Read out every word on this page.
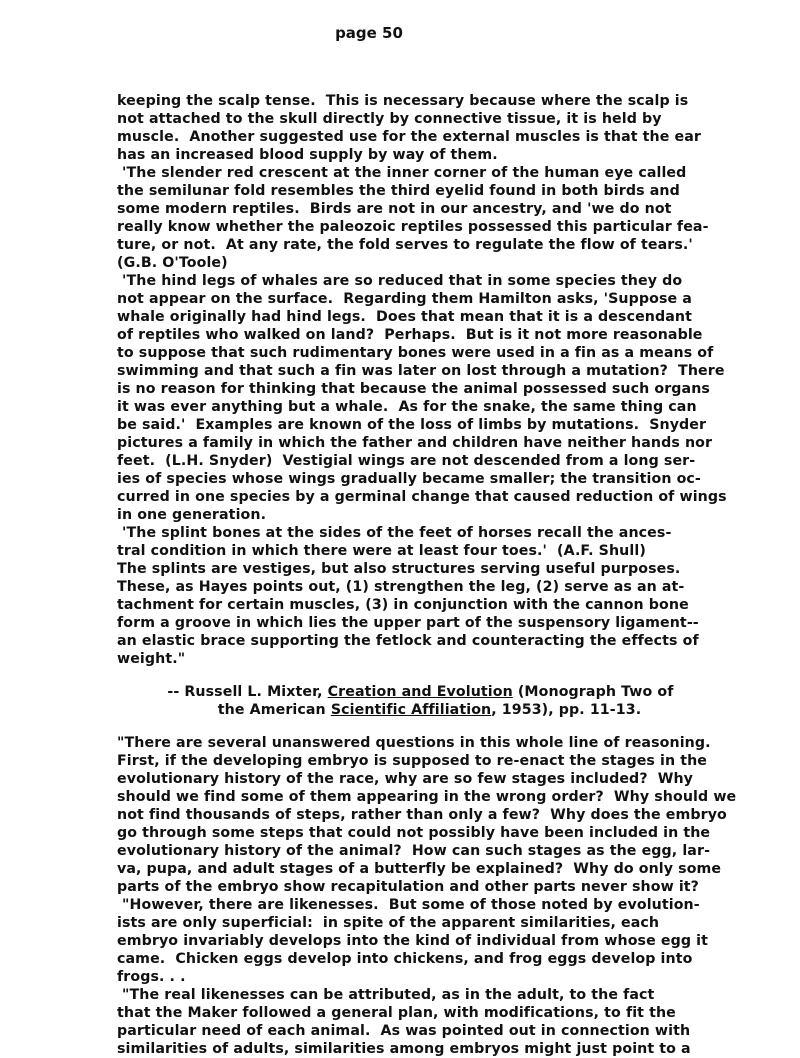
page 50
keeping the scalp tense.  This is necessary because where the scalp is
not attached to the skull directly by connective tissue, it is held by
muscle.  Another suggested use for the external muscles is that the ear
has an increased blood supply by way of them.
'The slender red crescent at the inner corner of the human eye called
the semilunar fold resembles the third eyelid found in both birds and
some modern reptiles.  Birds are not in our ancestry, and 'we do not
really know whether the paleozoic reptiles possessed this particular fea-
ture, or not.  At any rate, the fold serves to regulate the flow of tears.'
(G.B. O'Toole)
'The hind legs of whales are so reduced that in some species they do
not appear on the surface.  Regarding them Hamilton asks, 'Suppose a
whale originally had hind legs.  Does that mean that it is a descendant
of reptiles who walked on land?  Perhaps.  But is it not more reasonable
to suppose that such rudimentary bones were used in a fin as a means of
swimming and that such a fin was later on lost through a mutation?  There
is no reason for thinking that because the animal possessed such organs
it was ever anything but a whale.  As for the snake, the same thing can
be said.'  Examples are known of the loss of limbs by mutations.  Snyder
pictures a family in which the father and children have neither hands nor
feet.  (L.H. Snyder)  Vestigial wings are not descended from a long ser-
ies of species whose wings gradually became smaller; the transition oc-
curred in one species by a germinal change that caused reduction of wings
in one generation.
'The splint bones at the sides of the feet of horses recall the ances-
tral condition in which there were at least four toes.'  (A.F. Shull)
The splints are vestiges, but also structures serving useful purposes.
These, as Hayes points out, (1) strengthen the leg, (2) serve as an at-
tachment for certain muscles, (3) in conjunction with the cannon bone
form a groove in which lies the upper part of the suspensory ligament--
an elastic brace supporting the fetlock and counteracting the effects of
weight."
-- Russell L. Mixter, Creation and Evolution (Monograph Two of
the American Scientific Affiliation, 1953), pp. 11-13.
"There are several unanswered questions in this whole line of reasoning.
First, if the developing embryo is supposed to re-enact the stages in the
evolutionary history of the race, why are so few stages included?  Why
should we find some of them appearing in the wrong order?  Why should we
not find thousands of steps, rather than only a few?  Why does the embryo
go through some steps that could not possibly have been included in the
evolutionary history of the animal?  How can such stages as the egg, lar-
va, pupa, and adult stages of a butterfly be explained?  Why do only some
parts of the embryo show recapitulation and other parts never show it?
"However, there are likenesses.  But some of those noted by evolution-
ists are only superficial:  in spite of the apparent similarities, each
embryo invariably develops into the kind of individual from whose egg it
came.  Chicken eggs develop into chickens, and frog eggs develop into
frogs. . .
"The real likenesses can be attributed, as in the adult, to the fact
that the Maker followed a general plan, with modifications, to fit the
particular need of each animal.  As was pointed out in connection with
similarities of adults, similarities among embryos might just point to a
